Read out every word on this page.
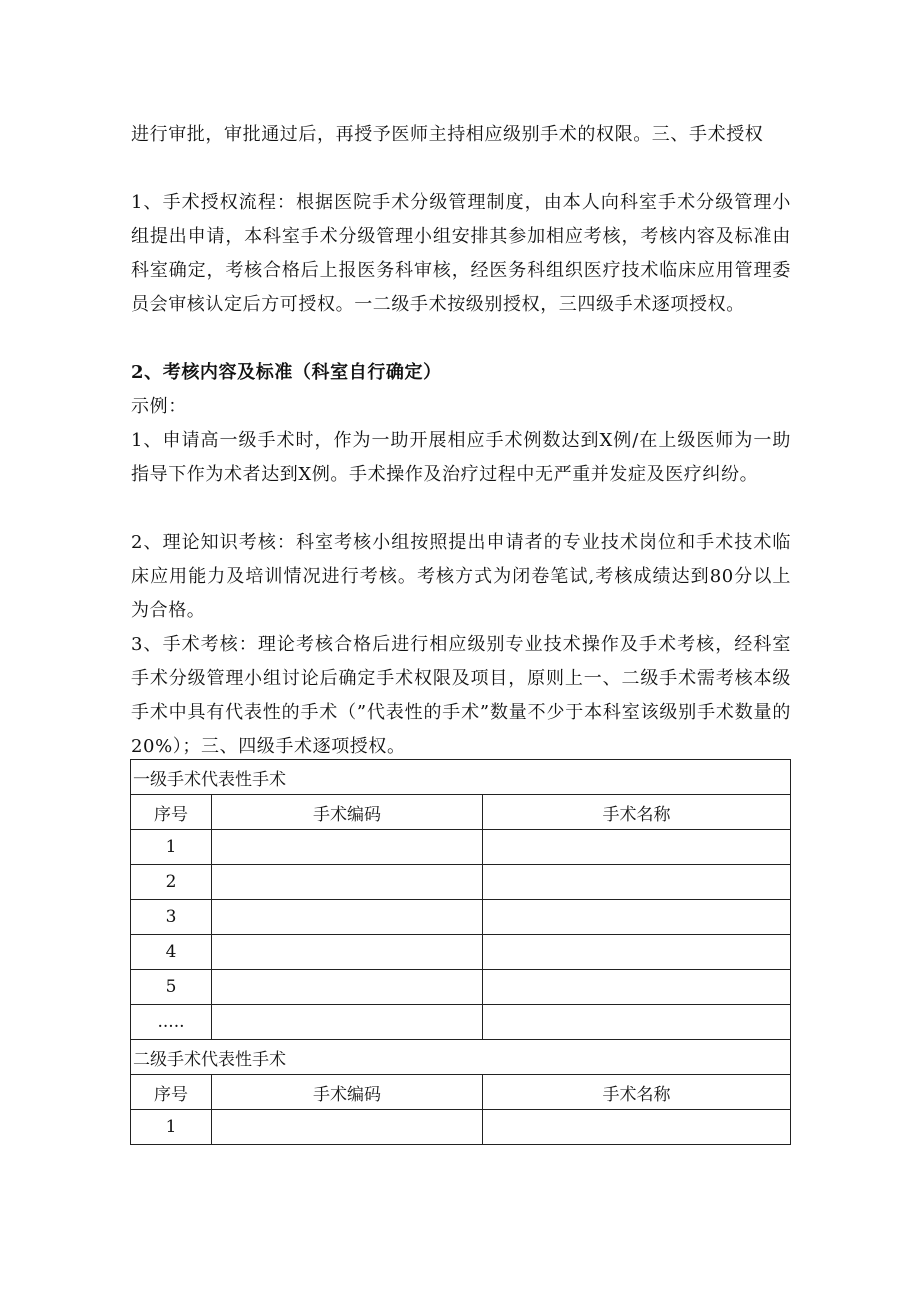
进行审批，审批通过后，再授予医师主持相应级别手术的权限。三、手术授权

1、手术授权流程：根据医院手术分级管理制度，由本人向科室手术分级管理小组提出申请，本科室手术分级管理小组安排其参加相应考核，考核内容及标准由科室确定，考核合格后上报医务科审核，经医务科组织医疗技术临床应用管理委员会审核认定后方可授权。一二级手术按级别授权，三四级手术逐项授权。

2、考核内容及标准（科室自行确定）

示例：

1、申请高一级手术时，作为一助开展相应手术例数达到X例/在上级医师为一助指导下作为术者达到X例。手术操作及治疗过程中无严重并发症及医疗纠纷。

2、理论知识考核：科室考核小组按照提出申请者的专业技术岗位和手术技术临床应用能力及培训情况进行考核。考核方式为闭卷笔试,考核成绩达到80分以上为合格。

3、手术考核：理论考核合格后进行相应级别专业技术操作及手术考核，经科室手术分级管理小组讨论后确定手术权限及项目，原则上一、二级手术需考核本级手术中具有代表性的手术（”代表性的手术”数量不少于本科室该级别手术数量的20%）；三、四级手术逐项授权。

一级手术代表性手术		
序号	手术编码	手术名称
1		
2		
3		
4		
5		
.....		
二级手术代表性手术		
序号	手术编码	手术名称
1		
